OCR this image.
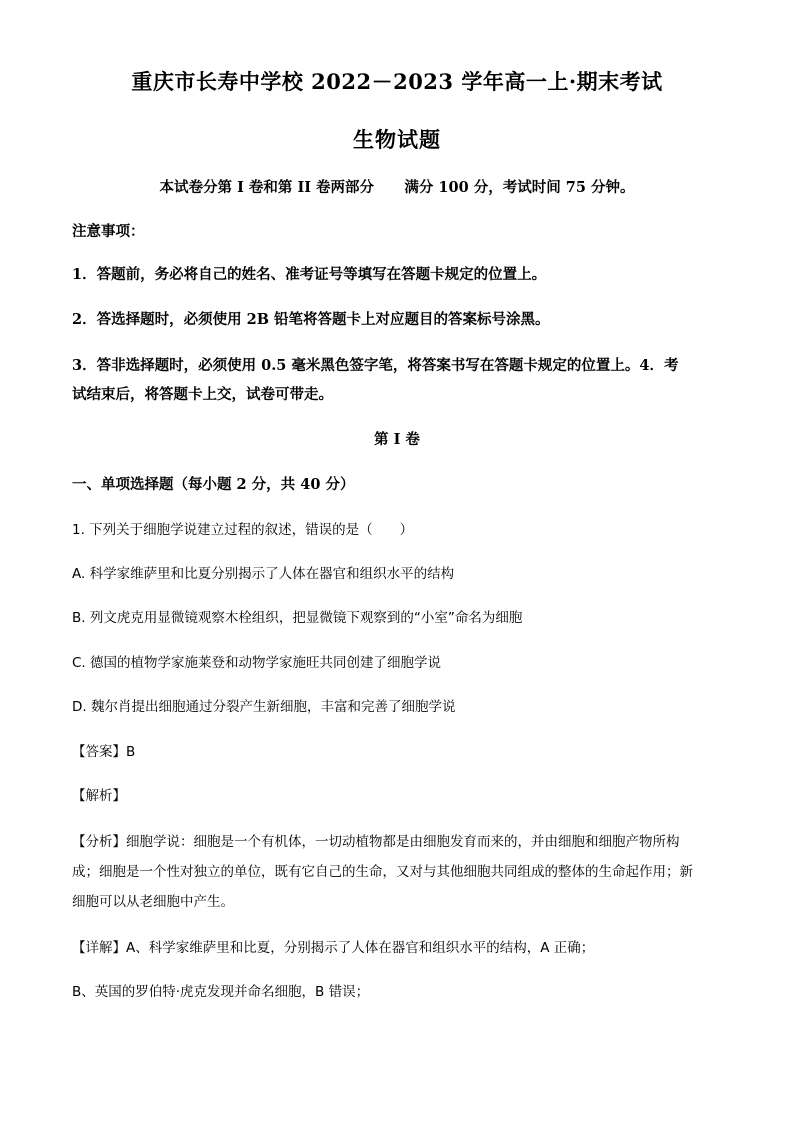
重庆市长寿中学校 2022－2023 学年高一上·期末考试
生物试题
本试卷分第 I 卷和第 II 卷两部分      满分 100 分，考试时间 75 分钟。
注意事项：
1．答题前，务必将自己的姓名、准考证号等填写在答题卡规定的位置上。
2．答选择题时，必须使用 2B 铅笔将答题卡上对应题目的答案标号涂黑。
3．答非选择题时，必须使用 0.5 毫米黑色签字笔，将答案书写在答题卡规定的位置上。4．考
试结束后，将答题卡上交，试卷可带走。
第 I 卷
一、单项选择题（每小题 2 分，共 40 分）
1. 下列关于细胞学说建立过程的叙述，错误的是（　　）
A. 科学家维萨里和比夏分别揭示了人体在器官和组织水平的结构
B. 列文虎克用显微镜观察木栓组织，把显微镜下观察到的“小室”命名为细胞
C. 德国的植物学家施莱登和动物学家施旺共同创建了细胞学说
D. 魏尔肖提出细胞通过分裂产生新细胞，丰富和完善了细胞学说
【答案】B
【解析】
【分析】细胞学说：细胞是一个有机体，一切动植物都是由细胞发育而来的，并由细胞和细胞产物所构
成；细胞是一个性对独立的单位，既有它自己的生命，又对与其他细胞共同组成的整体的生命起作用；新
细胞可以从老细胞中产生。
【详解】A、科学家维萨里和比夏，分别揭示了人体在器官和组织水平的结构，A 正确；
B、英国的罗伯特·虎克发现并命名细胞，B 错误；
